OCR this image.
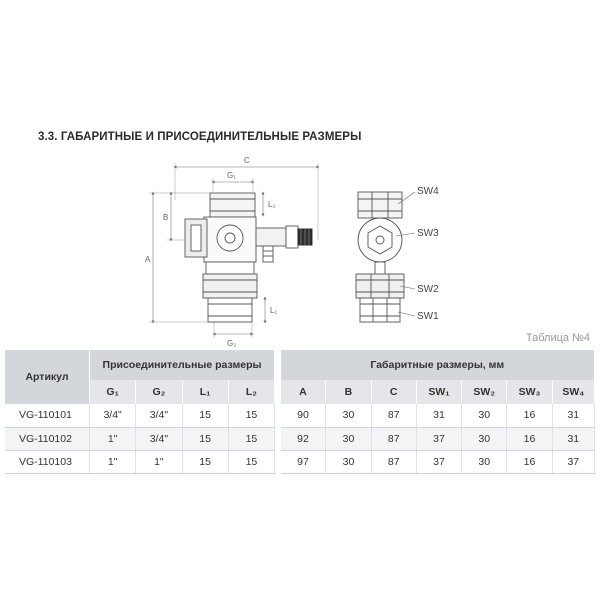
3.3. ГАБАРИТНЫЕ И ПРИСОЕДИНИТЕЛЬНЫЕ РАЗМЕРЫ
C
G₁
A
B
L₂
L₁
G₂
SW4
SW3
SW2
SW1
Таблица №4
Артикул	Присоединительные размеры					Габаритные размеры, мм						
	G₁	G₂	L₁	L₂		A	B	C	SW₁	SW₂	SW₃	SW₄
VG-110101	3/4"	3/4"	15	15		90	30	87	31	30	16	31
VG-110102	1"	3/4"	15	15		92	30	87	37	30	16	31
VG-110103	1"	1"	15	15		97	30	87	37	30	16	37
